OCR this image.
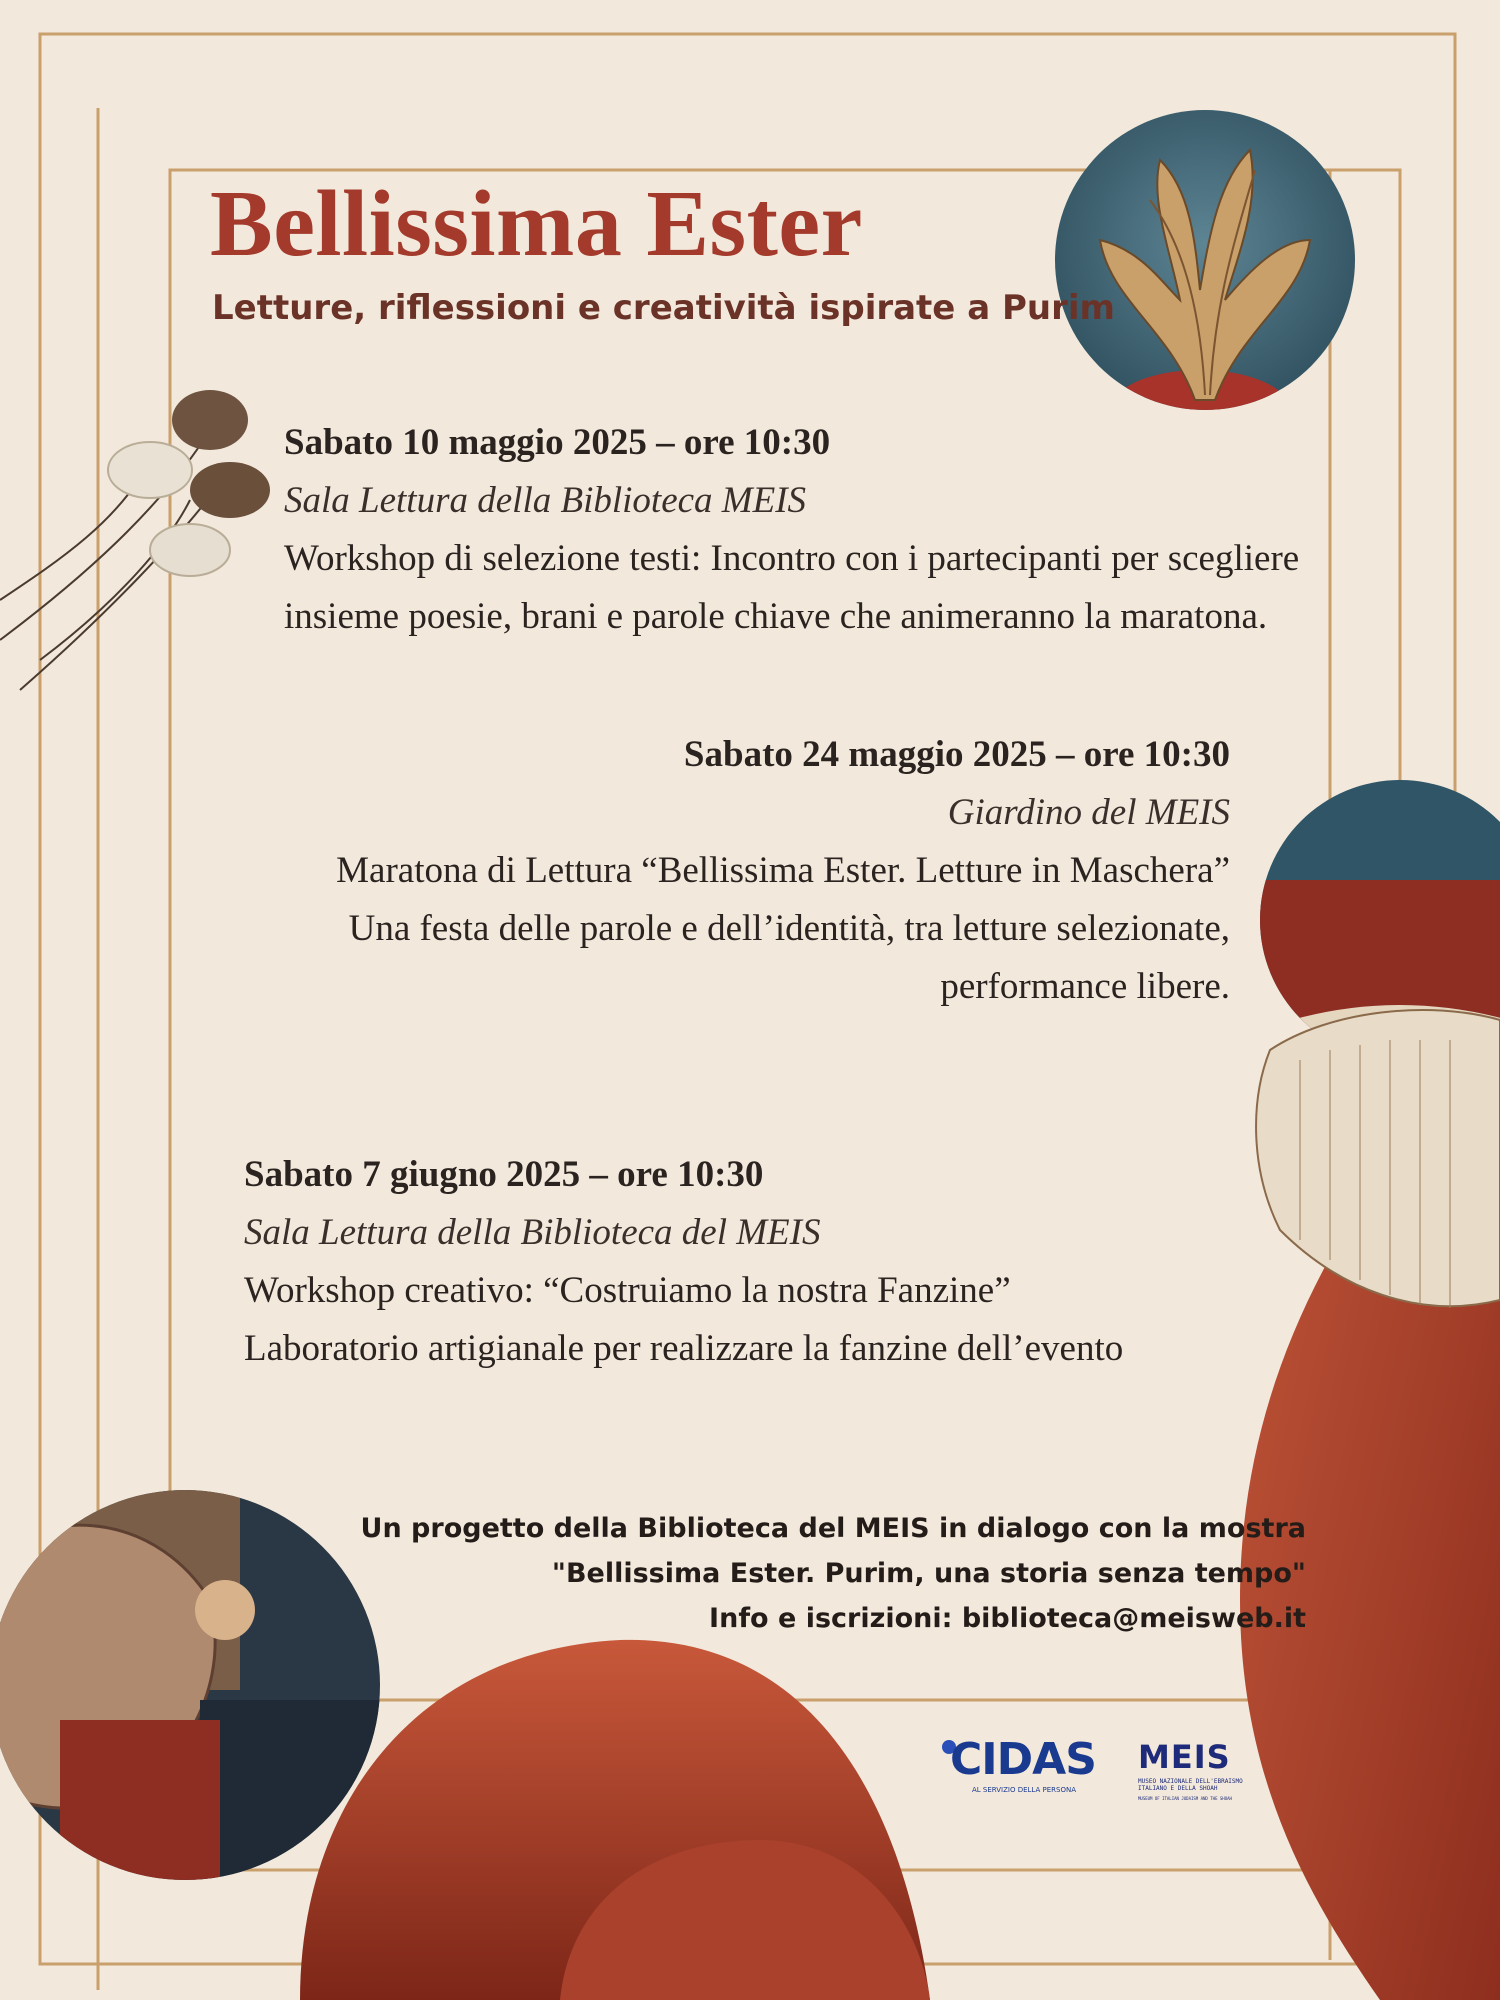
Bellissima Ester
Letture, riflessioni e creatività ispirate a Purim
Sabato 10 maggio 2025 – ore 10:30
Sala Lettura della Biblioteca MEIS
Workshop di selezione testi: Incontro con i partecipanti per scegliere
insieme poesie, brani e parole chiave che animeranno la maratona.
Sabato 24 maggio 2025 – ore 10:30
Giardino del MEIS
Maratona di Lettura “Bellissima Ester. Letture in Maschera”
Una festa delle parole e dell’identità, tra letture selezionate,
performance libere.
Sabato 7 giugno 2025 – ore 10:30
Sala Lettura della Biblioteca del MEIS
Workshop creativo: “Costruiamo la nostra Fanzine”
Laboratorio artigianale per realizzare la fanzine dell’evento
Un progetto della Biblioteca del MEIS in dialogo con la mostra
"Bellissima Ester. Purim, una storia senza tempo"
Info e iscrizioni: biblioteca@meisweb.it
CIDAS
AL SERVIZIO DELLA PERSONA
MEIS
MUSEO NAZIONALE DELL'EBRAISMO ITALIANO E DELLA SHOAH
MUSEUM OF ITALIAN JUDAISM AND THE SHOAH
